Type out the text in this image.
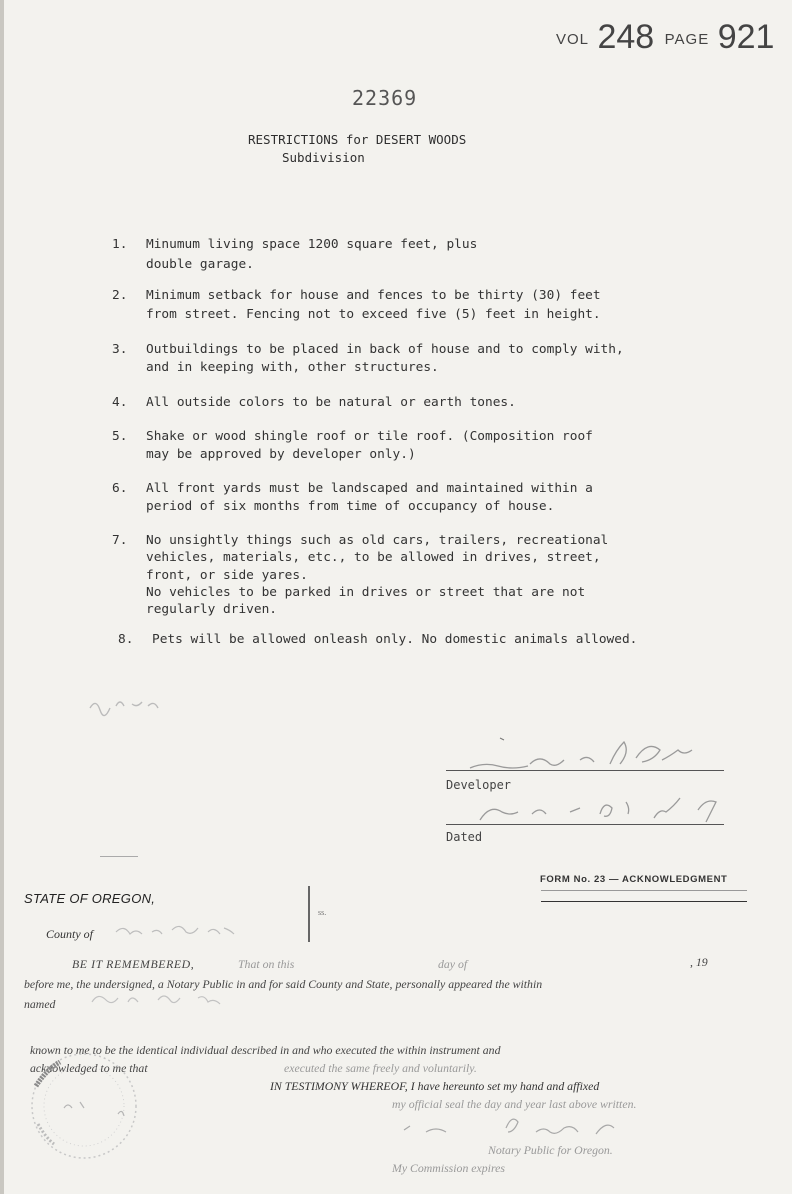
VOL 248 PAGE 921
22369
RESTRICTIONS for DESERT WOODS
Subdivision
1. Minumum living space 1200 square feet, plus
double garage.
2. Minimum setback for house and fences to be thirty (30) feet
from street. Fencing not to exceed five (5) feet in height.
3. Outbuildings to be placed in back of house and to comply with,
and in keeping with, other structures.
4. All outside colors to be natural or earth tones.
5. Shake or wood shingle roof or tile roof. (Composition roof
may be approved by developer only.)
6. All front yards must be landscaped and maintained within a
period of six months from time of occupancy of house.
7. No unsightly things such as old cars, trailers, recreational
vehicles, materials, etc., to be allowed in drives, street,
front, or side yares.
No vehicles to be parked in drives or street that are not
regularly driven.
8. Pets will be allowed onleash only. No domestic animals allowed.
Developer
Dated
FORM No. 23 — ACKNOWLEDGMENT
STATE OF OREGON,
ss.
County of
BE IT REMEMBERED,	That on this	day of	, 19
before me, the undersigned, a Notary Public in and for said County and State, personally appeared the within
named
known to me to be the identical individual described in and who executed the within instrument and
acknowledged to me that	executed the same freely and voluntarily.
IN TESTIMONY WHEREOF, I have hereunto set my hand and affixed
my official seal the day and year last above written.
Notary Public for Oregon.
My Commission expires
